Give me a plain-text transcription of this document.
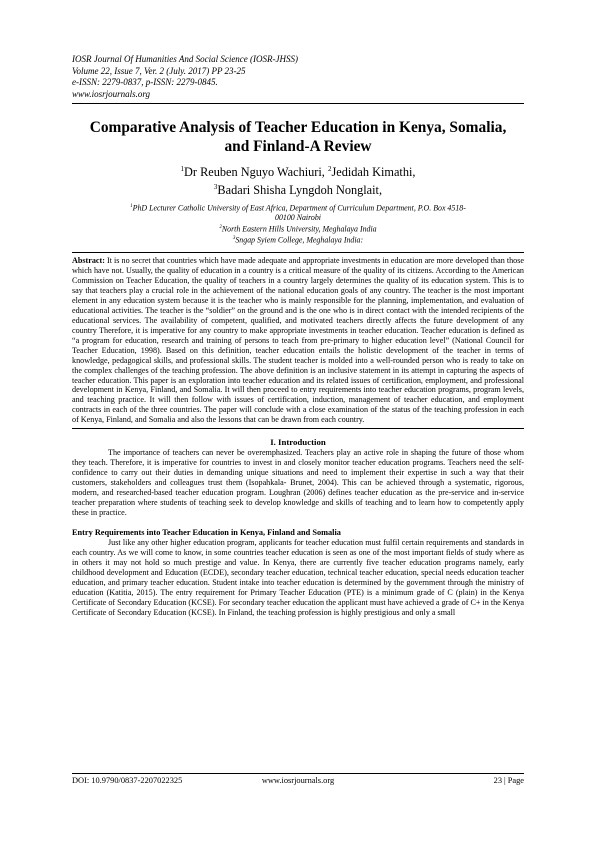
IOSR Journal Of Humanities And Social Science (IOSR-JHSS)
Volume 22, Issue 7, Ver. 2 (July. 2017) PP 23-25
e-ISSN: 2279-0837, p-ISSN: 2279-0845.
www.iosrjournals.org
Comparative Analysis of Teacher Education in Kenya, Somalia,
and Finland-A Review
$^1$Dr Reuben Nguyo Wachiuri, $^2$Jedidah Kimathi,
$^3$Badari Shisha Lyngdoh Nonglait,
$^1$PhD Lecturer Catholic University of East Africa, Department of Curriculum Department, P.O. Box 4518-
00100 Nairobi
$^2$North Eastern Hills University, Meghalaya India
$^3$Sngap Syiem College, Meghalaya India:
Abstract: It is no secret that countries which have made adequate and appropriate investments in education are more developed than those which have not. Usually, the quality of education in a country is a critical measure of the quality of its citizens. According to the American Commission on Teacher Education, the quality of teachers in a country largely determines the quality of its education system. This is to say that teachers play a crucial role in the achievement of the national education goals of any country. The teacher is the most important element in any education system because it is the teacher who is mainly responsible for the planning, implementation, and evaluation of educational activities. The teacher is the “soldier” on the ground and is the one who is in direct contact with the intended recipients of the educational services. The availability of competent, qualified, and motivated teachers directly affects the future development of any country Therefore, it is imperative for any country to make appropriate investments in teacher education. Teacher education is defined as “a program for education, research and training of persons to teach from pre-primary to higher education level” (National Council for Teacher Education, 1998). Based on this definition, teacher education entails the holistic development of the teacher in terms of knowledge, pedagogical skills, and professional skills. The student teacher is molded into a well-rounded person who is ready to take on the complex challenges of the teaching profession. The above definition is an inclusive statement in its attempt in capturing the aspects of teacher education. This paper is an exploration into teacher education and its related issues of certification, employment, and professional development in Kenya, Finland, and Somalia. It will then proceed to entry requirements into teacher education programs, program levels, and teaching practice. It will then follow with issues of certification, induction, management of teacher education, and employment contracts in each of the three countries. The paper will conclude with a close examination of the status of the teaching profession in each of Kenya, Finland, and Somalia and also the lessons that can be drawn from each country.
I. Introduction

The importance of teachers can never be overemphasized. Teachers play an active role in shaping the future of those whom they teach. Therefore, it is imperative for countries to invest in and closely monitor teacher education programs. Teachers need the self-confidence to carry out their duties in demanding unique situations and need to implement their expertise in such a way that their customers, stakeholders and colleagues trust them (Isopahkala- Brunet, 2004). This can be achieved through a systematic, rigorous, modern, and researched-based teacher education program. Loughran (2006) defines teacher education as the pre-service and in-service teacher preparation where students of teaching seek to develop knowledge and skills of teaching and to learn how to competently apply these in practice.

Entry Requirements into Teacher Education in Kenya, Finland and Somalia

Just like any other higher education program, applicants for teacher education must fulfil certain requirements and standards in each country. As we will come to know, in some countries teacher education is seen as one of the most important fields of study where as in others it may not hold so much prestige and value. In Kenya, there are currently five teacher education programs namely, early childhood development and Education (ECDE), secondary teacher education, technical teacher education, special needs education teacher education, and primary teacher education. Student intake into teacher education is determined by the government through the ministry of education (Katitia, 2015). The entry requirement for Primary Teacher Education (PTE) is a minimum grade of C (plain) in the Kenya Certificate of Secondary Education (KCSE). For secondary teacher education the applicant must have achieved a grade of C+ in the Kenya Certificate of Secondary Education (KCSE). In Finland, the teaching profession is highly prestigious and only a small

DOI: 10.9790/0837-2207022325	www.iosrjournals.org	23 | Page
